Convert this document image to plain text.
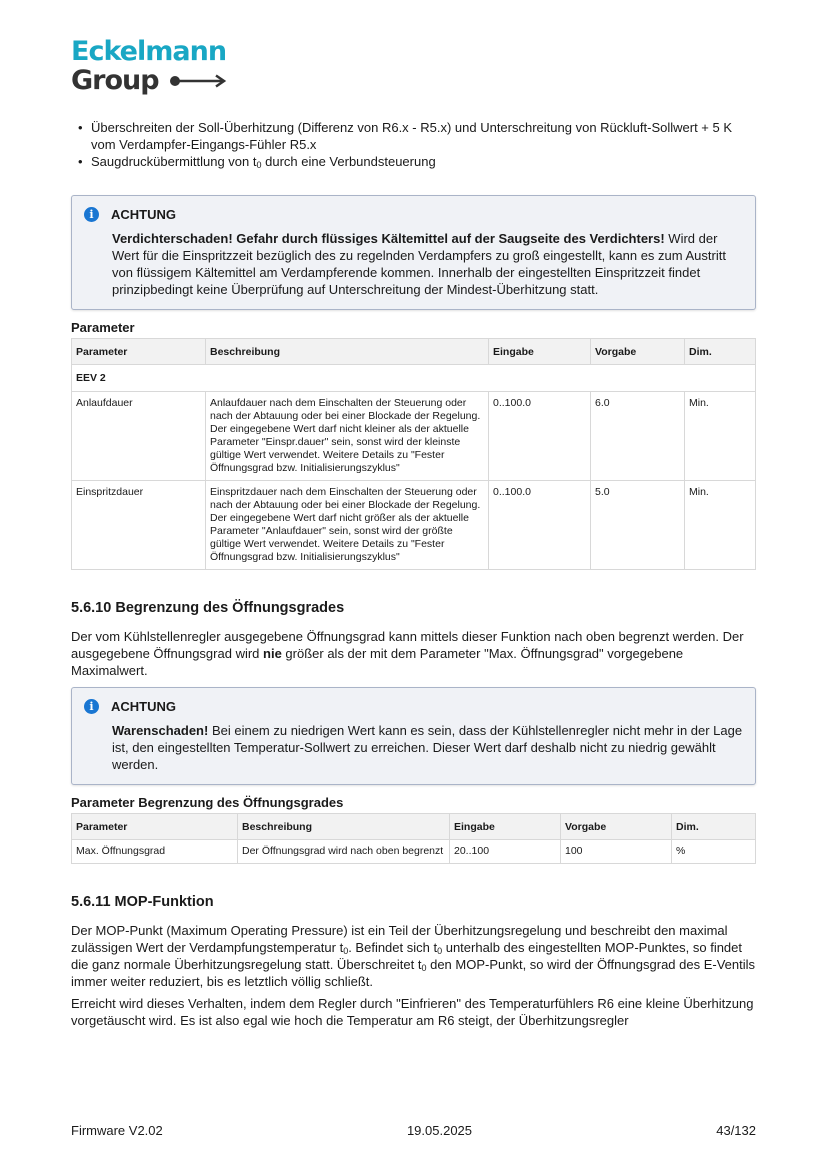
Eckelmann
Group
• Überschreiten der Soll-Überhitzung (Differenz von R6.x - R5.x) und Unterschreitung von Rückluft-Sollwert + 5 K vom Verdampfer-Eingangs-Fühler R5.x
• Saugdruckübermittlung von $t_0$ durch eine Verbundsteuerung
i	ACHTUNG
Verdichterschaden! Gefahr durch flüssiges Kältemittel auf der Saugseite des Verdichters! Wird der Wert für die Einspritzzeit bezüglich des zu regelnden Verdampfers zu groß eingestellt, kann es zum Austritt von flüssigem Kältemittel am Verdampferende kommen. Innerhalb der eingestellten Einspritzzeit findet prinzipbedingt keine Überprüfung auf Unterschreitung der Mindest-Überhitzung statt.
Parameter
Parameter	Beschreibung	Eingabe	Vorgabe	Dim.
EEV 2				
Anlaufdauer	Anlaufdauer nach dem Einschalten der Steuerung oder nach der Abtauung oder bei einer Blockade der Regelung. Der eingegebene Wert darf nicht kleiner als der aktuelle Parameter "Einspr.dauer" sein, sonst wird der kleinste gültige Wert verwendet. Weitere Details zu "Fester Öffnungsgrad bzw. Initialisierungszyklus"	0..100.0	6.0	Min.
Einspritzdauer	Einspritzdauer nach dem Einschalten der Steuerung oder nach der Abtauung oder bei einer Blockade der Regelung. Der eingegebene Wert darf nicht größer als der aktuelle Parameter "Anlaufdauer" sein, sonst wird der größte gültige Wert verwendet. Weitere Details zu "Fester Öffnungsgrad bzw. Initialisierungszyklus"	0..100.0	5.0	Min.
5.6.10 Begrenzung des Öffnungsgrades

Der vom Kühlstellenregler ausgegebene Öffnungsgrad kann mittels dieser Funktion nach oben begrenzt werden. Der ausgegebene Öffnungsgrad wird nie größer als der mit dem Parameter "Max. Öffnungsgrad" vorgegebene Maximalwert.

i	ACHTUNG
Warenschaden! Bei einem zu niedrigen Wert kann es sein, dass der Kühlstellenregler nicht mehr in der Lage ist, den eingestellten Temperatur-Sollwert zu erreichen. Dieser Wert darf deshalb nicht zu niedrig gewählt werden.
Parameter Begrenzung des Öffnungsgrades
Parameter	Beschreibung	Eingabe	Vorgabe	Dim.
Max. Öffnungsgrad	Der Öffnungsgrad wird nach oben begrenzt	20..100	100	%
5.6.11 MOP-Funktion

Der MOP-Punkt (Maximum Operating Pressure) ist ein Teil der Überhitzungsregelung und beschreibt den maximal zulässigen Wert der Verdampfungstemperatur $t_0$. Befindet sich $t_0$ unterhalb des eingestellten MOP-Punktes, so findet die ganz normale Überhitzungsregelung statt. Überschreitet $t_0$ den MOP-Punkt, so wird der Öffnungsgrad des E-Ventils immer weiter reduziert, bis es letztlich völlig schließt.

Erreicht wird dieses Verhalten, indem dem Regler durch "Einfrieren" des Temperaturfühlers R6 eine kleine Überhitzung vorgetäuscht wird. Es ist also egal wie hoch die Temperatur am R6 steigt, der Überhitzungsregler

Firmware V2.02	19.05.2025	43/132
